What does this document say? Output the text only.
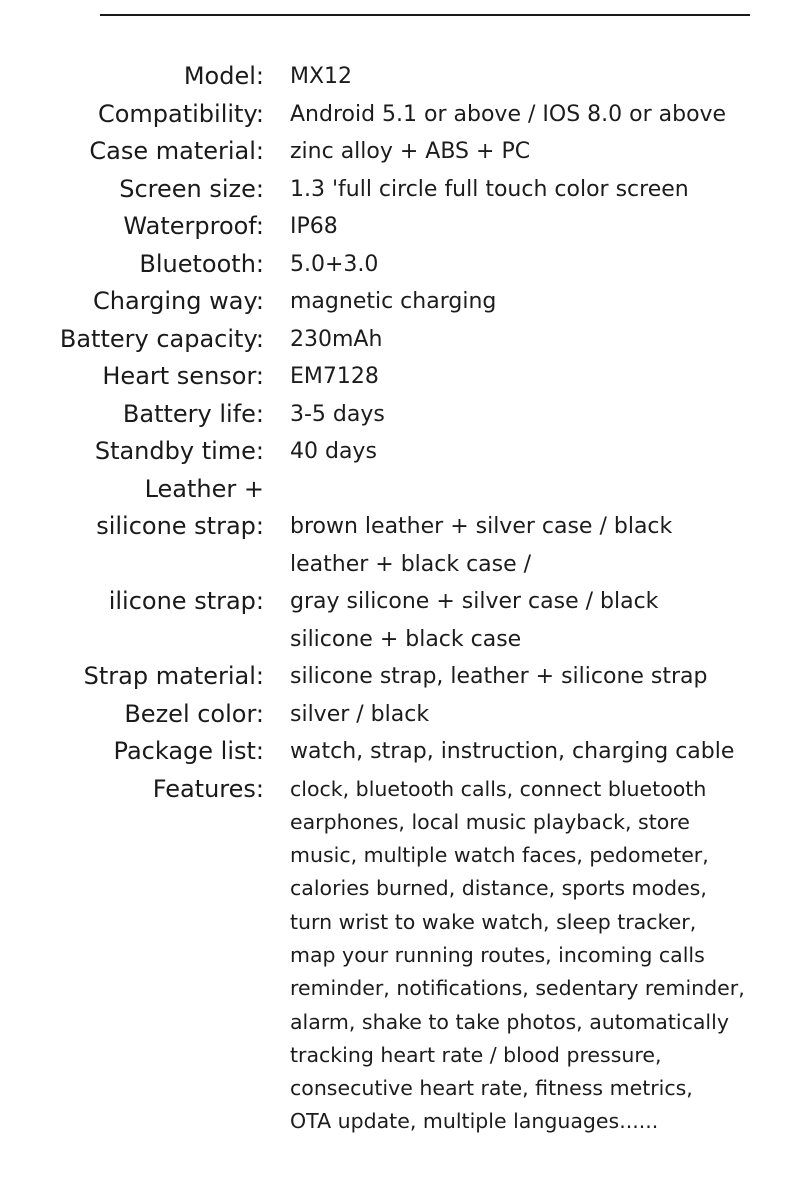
Model: MX12
Compatibility: Android 5.1 or above / IOS 8.0 or above
Case material: zinc alloy + ABS + PC
Screen size: 1.3 'full circle full touch color screen
Waterproof: IP68
Bluetooth: 5.0+3.0
Charging way: magnetic charging
Battery capacity: 230mAh
Heart sensor: EM7128
Battery life: 3-5 days
Standby time: 40 days
Leather +
silicone strap: brown leather + silver case / black
leather + black case /
ilicone strap: gray silicone + silver case / black
silicone + black case
Strap material: silicone strap, leather + silicone strap
Bezel color: silver / black
Package list: watch, strap, instruction, charging cable
Features: clock, bluetooth calls, connect bluetooth
earphones, local music playback, store
music, multiple watch faces, pedometer,
calories burned, distance, sports modes,
turn wrist to wake watch, sleep tracker,
map your running routes, incoming calls
reminder, notifications, sedentary reminder,
alarm, shake to take photos, automatically
tracking heart rate / blood pressure,
consecutive heart rate, fitness metrics,
OTA update, multiple languages......
